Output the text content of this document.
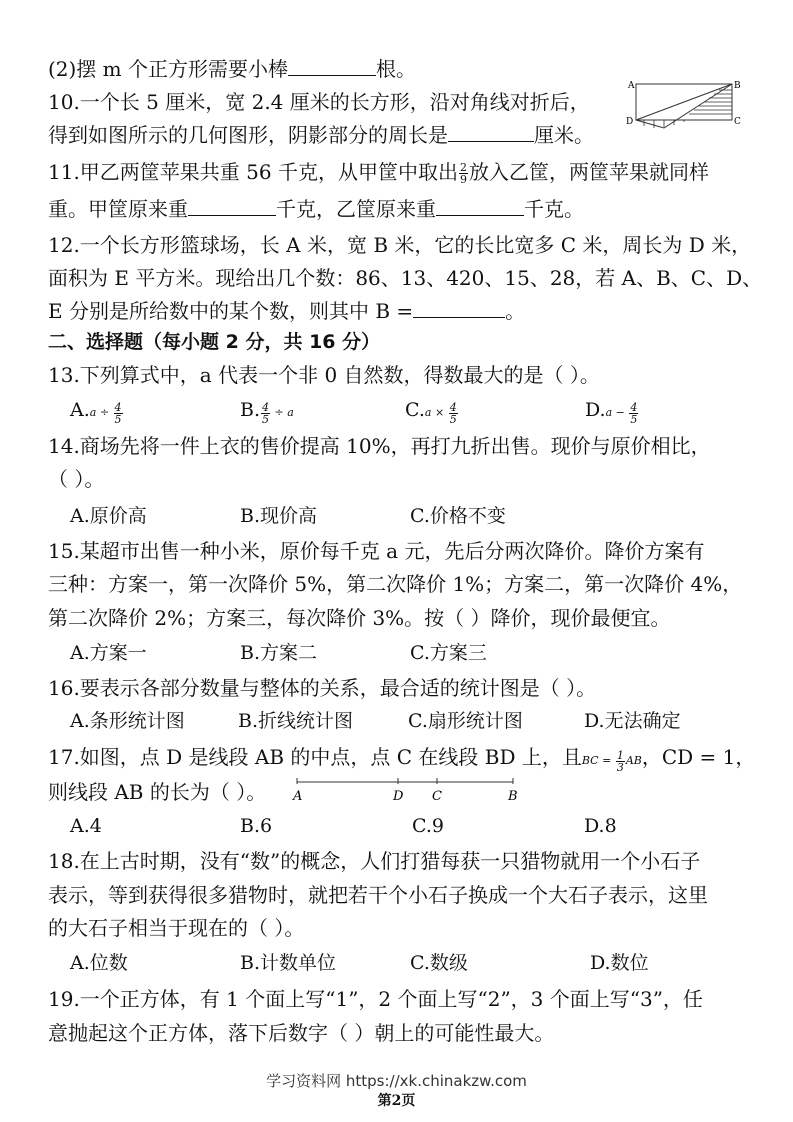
(2)摆 m 个正方形需要小棒	根。
10.一个长 5 厘米，宽 2.4 厘米的长方形，沿对角线对折后，
得到如图所示的几何图形，阴影部分的周长是	厘米。
A	B
C
D
11.甲乙两筐苹果共重 56 千克，从甲筐中取出 $\frac{2}{9}$ 放入乙筐，两筐苹果就同样
重。甲筐原来重	千克，乙筐原来重	千克。
12.一个长方形篮球场，长 A 米，宽 B 米，它的长比宽多 C 米，周长为 D 米，
面积为 E 平方米。现给出几个数：86、13、420、15、28，若 A、B、C、D、
E 分别是所给数中的某个数，则其中 B =	。
二、选择题（每小题 2 分，共 16 分）
13.下列算式中，a 代表一个非 0 自然数，得数最大的是（ ）。
$A.a \div \frac{4}{5}$	B. $\frac{4}{5} \div a$	$C.a \times \frac{4}{5}$	$D.a - \frac{4}{5}$
14.商场先将一件上衣的售价提高 10%，再打九折出售。现价与原价相比，
（ ）。
A.原价高	B.现价高	C.价格不变
15.某超市出售一种小米，原价每千克 a 元，先后分两次降价。降价方案有
三种：方案一，第一次降价 5%，第二次降价 1%；方案二，第一次降价 4%，
第二次降价 2%；方案三，每次降价 3%。按（ ）降价，现价最便宜。
A.方案一	B.方案二	C.方案三
16.要表示各部分数量与整体的关系，最合适的统计图是（ ）。
A.条形统计图	B.折线统计图	C.扇形统计图	D.无法确定
17.如图，点 D 是线段 AB 的中点，点 C 在线段 BD 上，且BC = $\frac{1}{3}$ AB，CD = 1，
则线段 AB 的长为（ ）。 A	D C	B
A.4	B.6	C.9	D.8
18.在上古时期，没有“数”的概念，人们打猎每获一只猎物就用一个小石子
表示，等到获得很多猎物时，就把若干个小石子换成一个大石子表示，这里
的大石子相当于现在的（ ）。
A.位数	B.计数单位	C.数级	D.数位
19.一个正方体，有 1 个面上写“1”，2 个面上写“2”，3 个面上写“3”，任
意抛起这个正方体，落下后数字（ ）朝上的可能性最大。
学习资料网 https://xk.chinakzw.com
第2页
